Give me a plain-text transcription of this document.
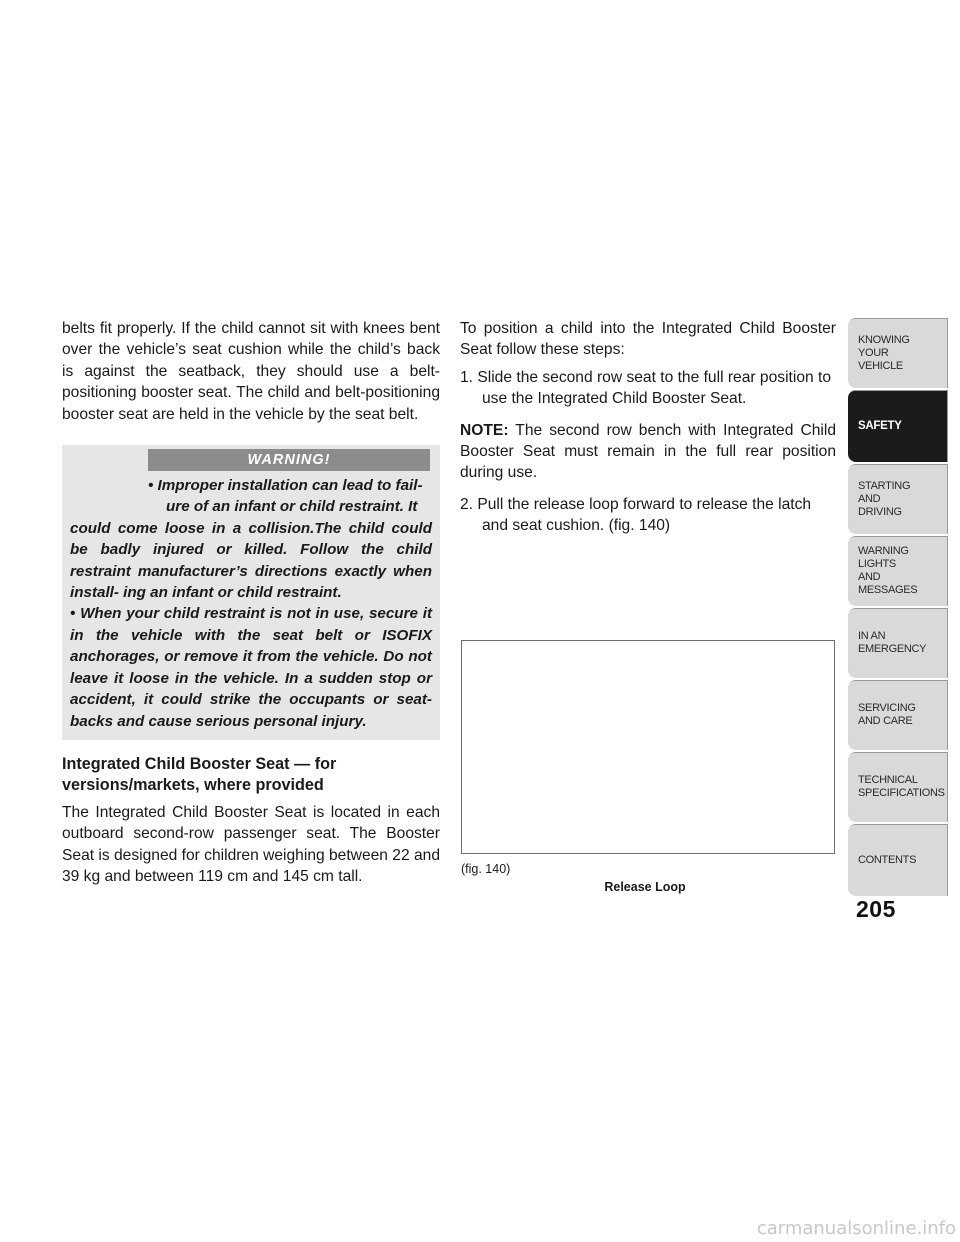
belts fit properly. If the child cannot sit with knees bent over the vehicle’s seat cushion while the child’s back is against the seatback, they should use a belt-positioning booster seat. The child and belt-positioning booster seat are held in the vehicle by the seat belt.

WARNING!
• Improper installation can lead to fail-
ure of an infant or child restraint. It
could come loose in a collision.The child could be badly injured or killed. Follow the child restraint manufacturer’s directions exactly when install- ing an infant or child restraint.
• When your child restraint is not in use, secure it in the vehicle with the seat belt or ISOFIX anchorages, or remove it from the vehicle. Do not leave it loose in the vehicle. In a sudden stop or accident, it could strike the occupants or seat- backs and cause serious personal injury.
Integrated Child Booster Seat — for versions/markets, where provided

The Integrated Child Booster Seat is located in each outboard second-row passenger seat. The Booster Seat is designed for children weighing between 22 and 39 kg and between 119 cm and 145 cm tall.

To position a child into the Integrated Child Booster Seat follow these steps:

1. Slide the second row seat to the full rear position to
use the Integrated Child Booster Seat.

NOTE: The second row bench with Integrated Child Booster Seat must remain in the full rear position during use.

2. Pull the release loop forward to release the latch
and seat cushion. (fig. 140)
(fig. 140)
Release Loop
KNOWING
YOUR
VEHICLE
SAFETY
STARTING
AND
DRIVING
WARNING
LIGHTS
AND
MESSAGES
IN AN
EMERGENCY
SERVICING
AND CARE
TECHNICAL
SPECIFICATIONS
CONTENTS
205
carmanualsonline.info
